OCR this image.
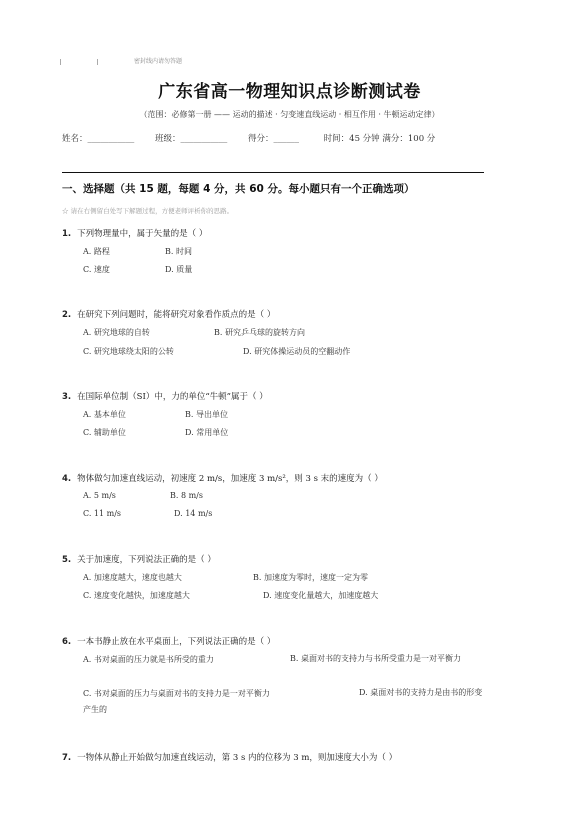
密封线内请勿答题
广东省高一物理知识点诊断测试卷
（范围：必修第一册 —— 运动的描述 · 匀变速直线运动 · 相互作用 · 牛顿运动定律）
姓名：___________ 班级：___________ 得分：______	时间：45 分钟 满分：100 分
一、选择题（共 15 题，每题 4 分，共 60 分。每小题只有一个正确选项）
☆ 请在右侧留白处写下解题过程，方便老师评析你的思路。
1. 下列物理量中，属于矢量的是（ ）
A. 路程	B. 时间
C. 速度	D. 质量
2. 在研究下列问题时，能将研究对象看作质点的是（ ）
A. 研究地球的自转	B. 研究乒乓球的旋转方向
C. 研究地球绕太阳的公转	D. 研究体操运动员的空翻动作
3. 在国际单位制（SI）中，力的单位“牛顿”属于（ ）
A. 基本单位	B. 导出单位
C. 辅助单位	D. 常用单位
4. 物体做匀加速直线运动，初速度 2 m/s，加速度 3 m/s²，则 3 s 末的速度为（ ）
A. 5 m/s	B. 8 m/s
C. 11 m/s	D. 14 m/s
5. 关于加速度，下列说法正确的是（ ）
A. 加速度越大，速度也越大	B. 加速度为零时，速度一定为零
C. 速度变化越快，加速度越大	D. 速度变化量越大，加速度越大
6. 一本书静止放在水平桌面上，下列说法正确的是（ ）
A. 书对桌面的压力就是书所受的重力	B. 桌面对书的支持力与书所受重力是一对平衡力
C. 书对桌面的压力与桌面对书的支持力是一对平衡力	D. 桌面对书的支持力是由书的形变产生的
7. 一物体从静止开始做匀加速直线运动，第 3 s 内的位移为 3 m，则加速度大小为（ ）
